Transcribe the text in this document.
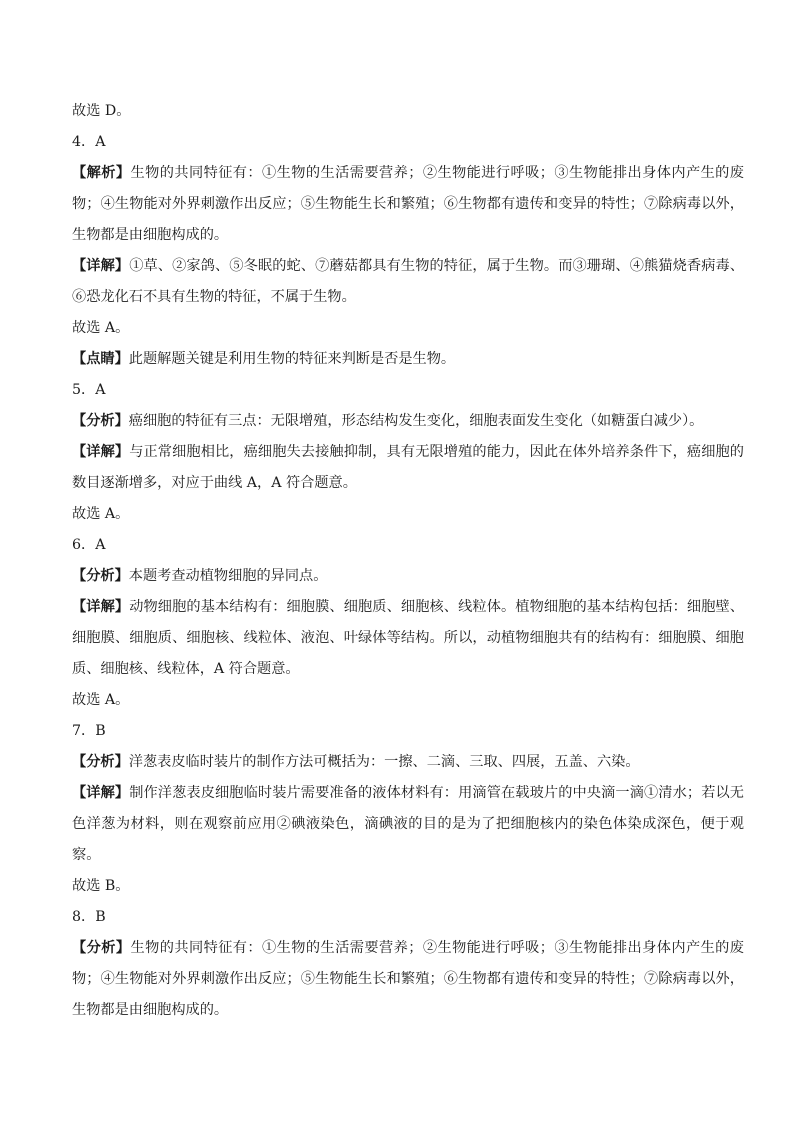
故选 D。

4．A

【解析】生物的共同特征有：①生物的生活需要营养；②生物能进行呼吸；③生物能排出身体内产生的废物；④生物能对外界刺激作出反应；⑤生物能生长和繁殖；⑥生物都有遗传和变异的特性；⑦除病毒以外，生物都是由细胞构成的。

【详解】①草、②家鸽、⑤冬眠的蛇、⑦蘑菇都具有生物的特征，属于生物。而③珊瑚、④熊猫烧香病毒、⑥恐龙化石不具有生物的特征，不属于生物。

故选 A。

【点睛】此题解题关键是利用生物的特征来判断是否是生物。

5．A

【分析】癌细胞的特征有三点：无限增殖，形态结构发生变化，细胞表面发生变化（如糖蛋白减少）。

【详解】与正常细胞相比，癌细胞失去接触抑制，具有无限增殖的能力，因此在体外培养条件下，癌细胞的数目逐渐增多，对应于曲线 A，A 符合题意。

故选 A。

6．A

【分析】本题考查动植物细胞的异同点。

【详解】动物细胞的基本结构有：细胞膜、细胞质、细胞核、线粒体。植物细胞的基本结构包括：细胞壁、细胞膜、细胞质、细胞核、线粒体、液泡、叶绿体等结构。所以，动植物细胞共有的结构有：细胞膜、细胞质、细胞核、线粒体，A 符合题意。

故选 A。

7．B

【分析】洋葱表皮临时装片的制作方法可概括为：一擦、二滴、三取、四展，五盖、六染。

【详解】制作洋葱表皮细胞临时装片需要准备的液体材料有：用滴管在载玻片的中央滴一滴①清水；若以无色洋葱为材料，则在观察前应用②碘液染色，滴碘液的目的是为了把细胞核内的染色体染成深色，便于观察。

故选 B。

8．B

【分析】生物的共同特征有：①生物的生活需要营养；②生物能进行呼吸；③生物能排出身体内产生的废物；④生物能对外界刺激作出反应；⑤生物能生长和繁殖；⑥生物都有遗传和变异的特性；⑦除病毒以外，生物都是由细胞构成的。
